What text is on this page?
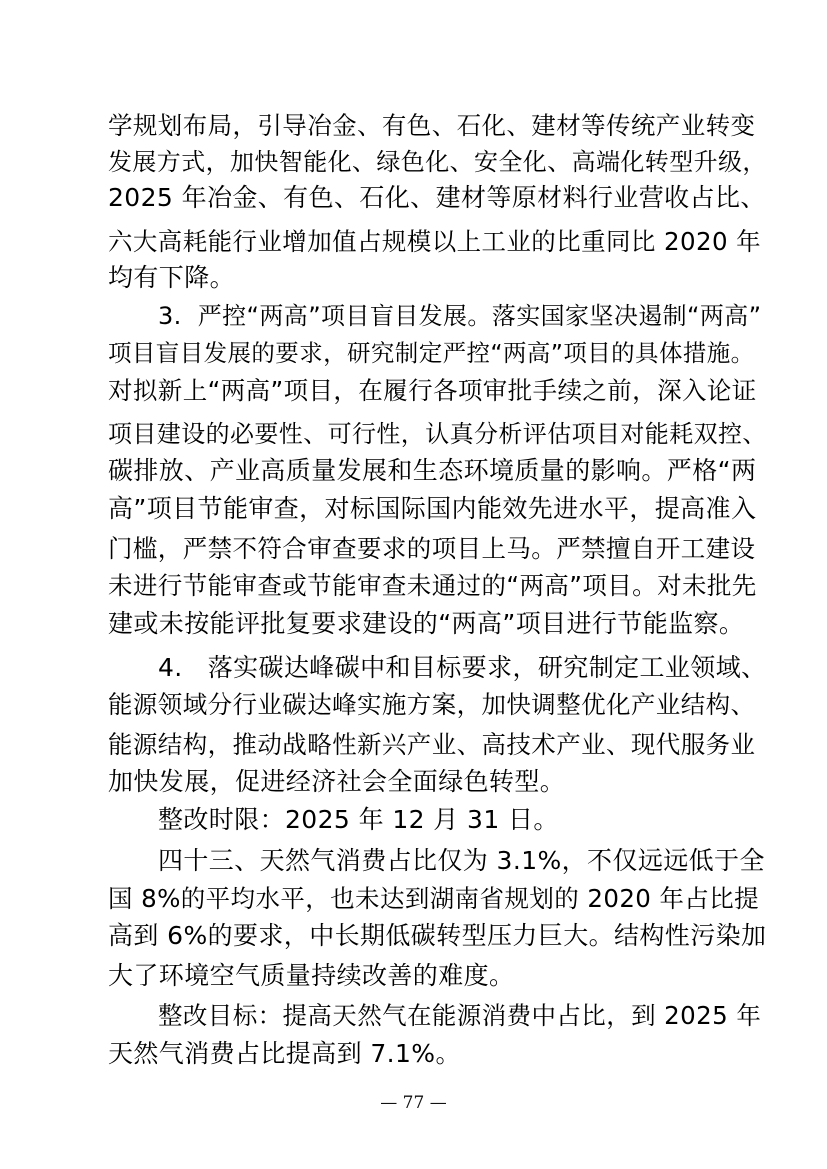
学规划布局，引导冶金、有色、石化、建材等传统产业转变
发展方式，加快智能化、绿色化、安全化、高端化转型升级，
2025 年冶金、有色、石化、建材等原材料行业营收占比、
六大高耗能行业增加值占规模以上工业的比重同比 2020 年
均有下降。
3.  严控“两高”项目盲目发展。落实国家坚决遏制“两高”
项目盲目发展的要求，研究制定严控“两高”项目的具体措施。
对拟新上“两高”项目，在履行各项审批手续之前，深入论证
项目建设的必要性、可行性，认真分析评估项目对能耗双控、
碳排放、产业高质量发展和生态环境质量的影响。严格“两
高”项目节能审查，对标国际国内能效先进水平，提高准入
门槛，严禁不符合审查要求的项目上马。严禁擅自开工建设
未进行节能审查或节能审查未通过的“两高”项目。对未批先
建或未按能评批复要求建设的“两高”项目进行节能监察。
4.   落实碳达峰碳中和目标要求，研究制定工业领域、
能源领域分行业碳达峰实施方案，加快调整优化产业结构、
能源结构，推动战略性新兴产业、高技术产业、现代服务业
加快发展，促进经济社会全面绿色转型。
整改时限：2025 年 12 月 31 日。
四十三、天然气消费占比仅为 3.1%，不仅远远低于全
国 8%的平均水平，也未达到湖南省规划的 2020 年占比提
高到 6%的要求，中长期低碳转型压力巨大。结构性污染加
大了环境空气质量持续改善的难度。
整改目标：提高天然气在能源消费中占比，到 2025 年
天然气消费占比提高到 7.1%。
— 77 —
